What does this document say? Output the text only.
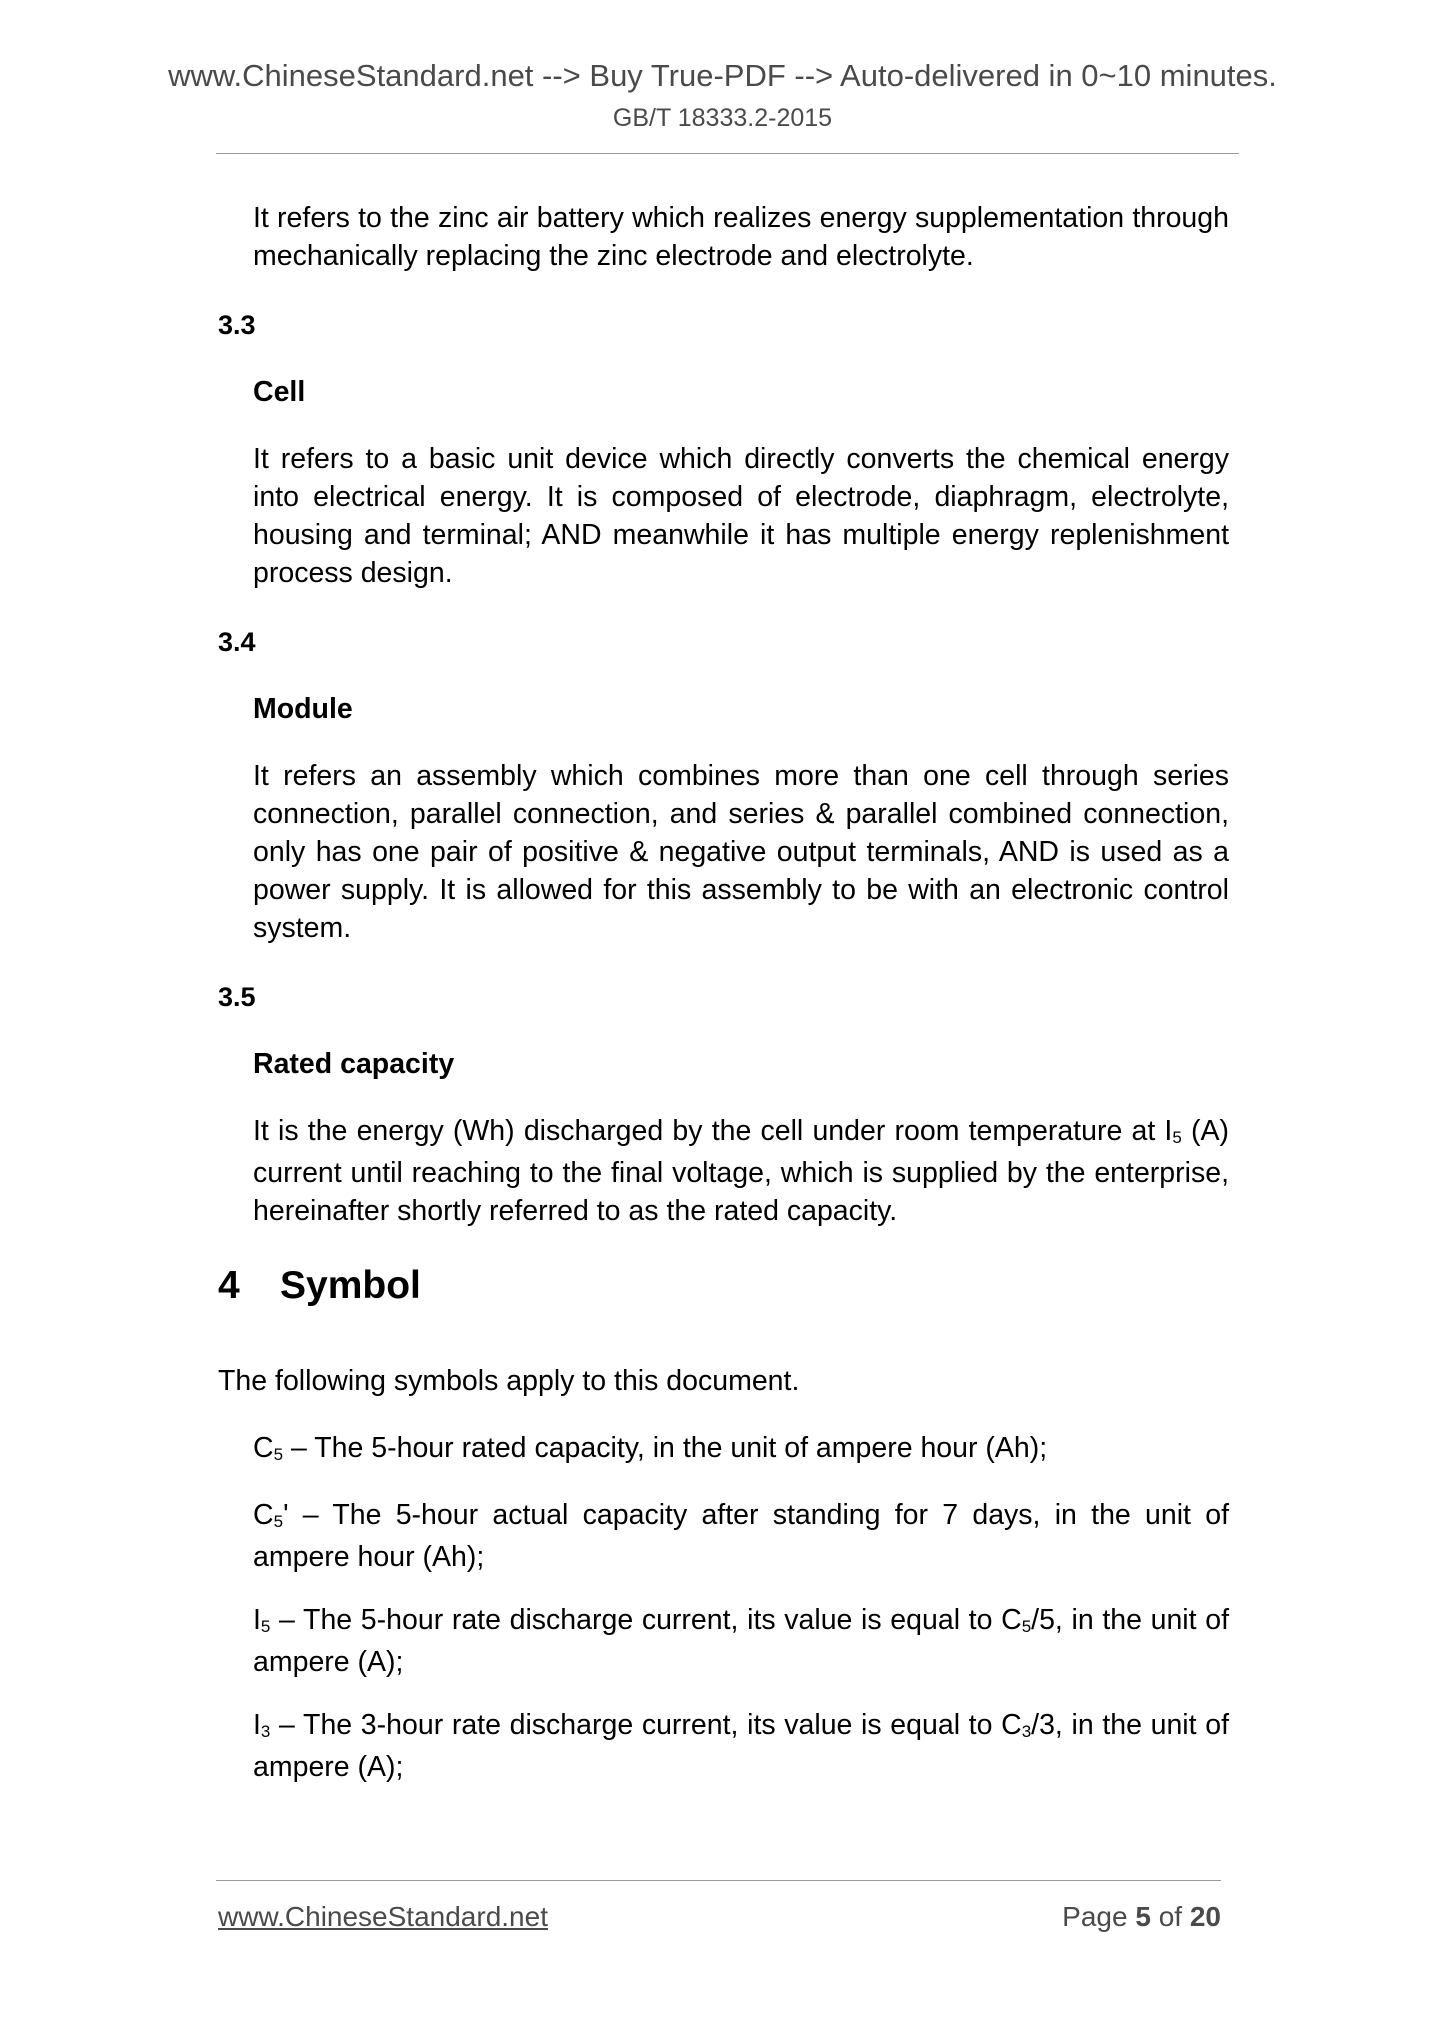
www.ChineseStandard.net --> Buy True-PDF --> Auto-delivered in 0~10 minutes.
GB/T 18333.2-2015
It refers to the zinc air battery which realizes energy supplementation through mechanically replacing the zinc electrode and electrolyte.
3.3
Cell
It refers to a basic unit device which directly converts the chemical energy into electrical energy. It is composed of electrode, diaphragm, electrolyte, housing and terminal; AND meanwhile it has multiple energy replenishment process design.
3.4
Module
It refers an assembly which combines more than one cell through series connection, parallel connection, and series & parallel combined connection, only has one pair of positive & negative output terminals, AND is used as a power supply. It is allowed for this assembly to be with an electronic control system.
3.5
Rated capacity
It is the energy (Wh) discharged by the cell under room temperature at I5 (A) current until reaching to the final voltage, which is supplied by the enterprise, hereinafter shortly referred to as the rated capacity.
4 Symbol
The following symbols apply to this document.
C5 – The 5-hour rated capacity, in the unit of ampere hour (Ah);
C5' – The 5-hour actual capacity after standing for 7 days, in the unit of ampere hour (Ah);
I5 – The 5-hour rate discharge current, its value is equal to C5/5, in the unit of ampere (A);
I3 – The 3-hour rate discharge current, its value is equal to C3/3, in the unit of ampere (A);
www.ChineseStandard.net	Page 5 of 20
